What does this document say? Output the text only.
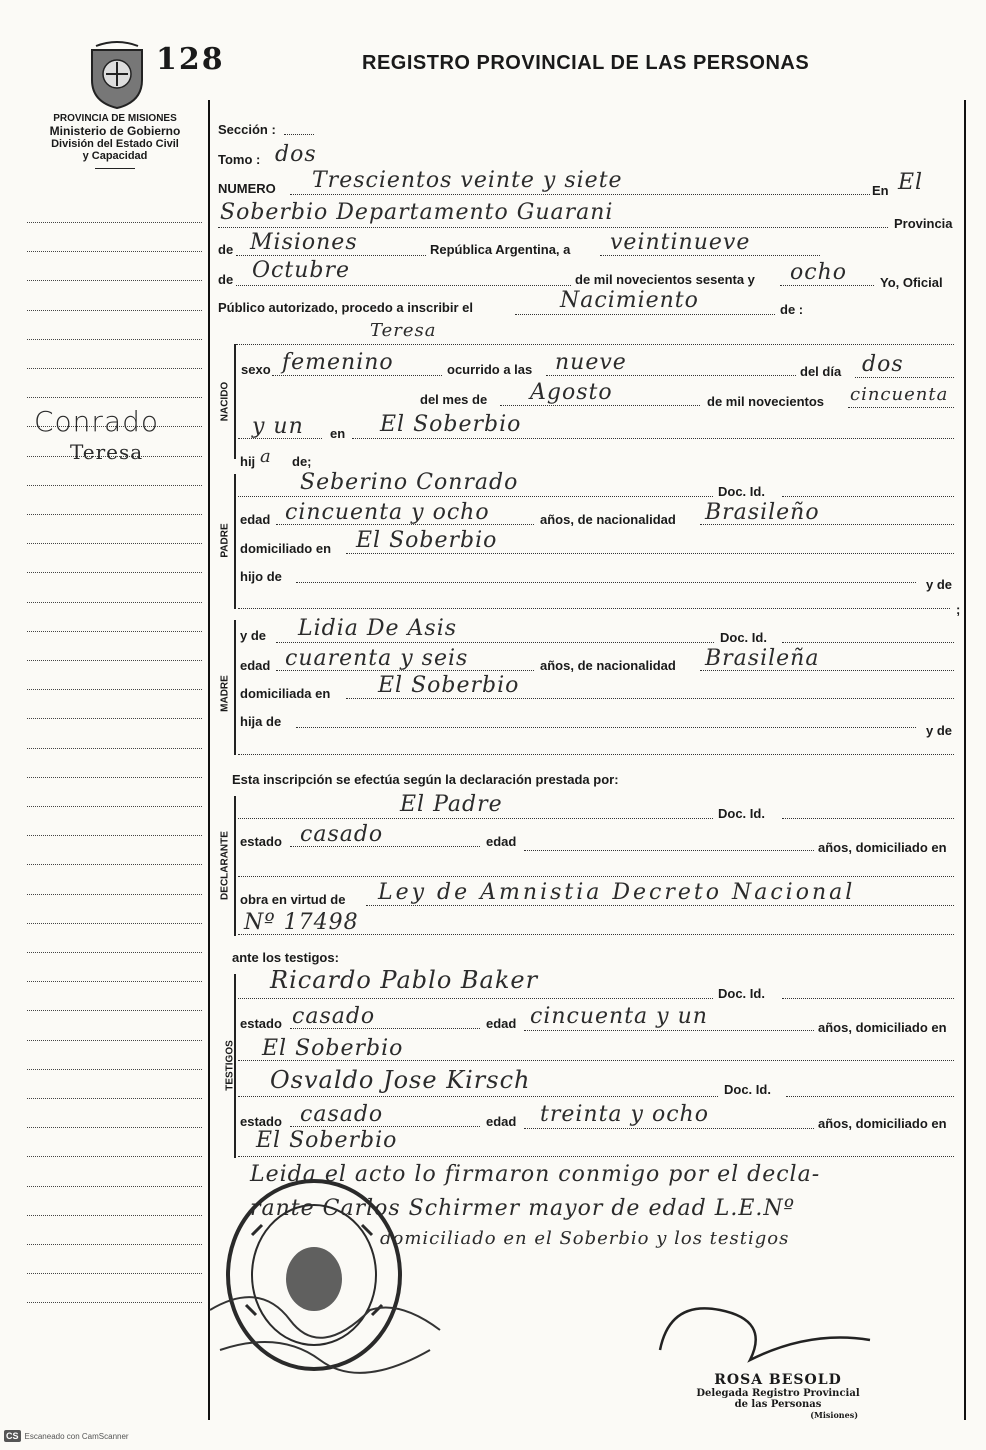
128	REGISTRO PROVINCIAL DE LAS PERSONAS
PROVINCIA DE MISIONES
Ministerio de Gobierno
División del Estado Civil
y Capacidad
Conrado
Teresa
Sección :
Tomo : dos
NUMERO Trescientos veinte y siete	En El
Soberbio Departamento Guarani	Provincia
de Misiones	República Argentina, a veintinueve
de Octubre	de mil novecientos sesenta y ocho	Yo, Oficial
Público autorizado, procedo a inscribir el	Nacimiento	de :
Teresa
NACIDO
sexo femenino	ocurrido a las nueve	del día dos
del mes de Agosto	de mil novecientos cincuenta
y un en El Soberbio
hij a de;
PADRE
Seberino Conrado	Doc. Id.
edad cincuenta y ocho	años, de nacionalidad Brasileño
domiciliado en El Soberbio
hijo de
y de
;
MADRE
y de Lidia De Asis	Doc. Id.
edad cuarenta y seis	años, de nacionalidad Brasileña
domiciliada en El Soberbio
hija de
y de
Esta inscripción se efectúa según la declaración prestada por:
DECLARANTE
El Padre	Doc. Id.
estado casado	edad	años, domiciliado en
obra en virtud de Ley de Amnistia Decreto Nacional
Nº 17498
ante los testigos:
TESTIGOS
Ricardo Pablo Baker	Doc. Id.
estado casado	edad cincuenta y un	años, domiciliado en
El Soberbio
Osvaldo Jose Kirsch	Doc. Id.
estado casado	edad treinta y ocho	años, domiciliado en
El Soberbio
Leida el acto lo firmaron conmigo por el decla-
rante Carlos Schirmer mayor de edad L.E.Nº
domiciliado en el Soberbio y los testigos
ROSA BESOLD
Delegada Registro Provincial
de las Personas
(Misiones)
CS Escaneado con CamScanner
